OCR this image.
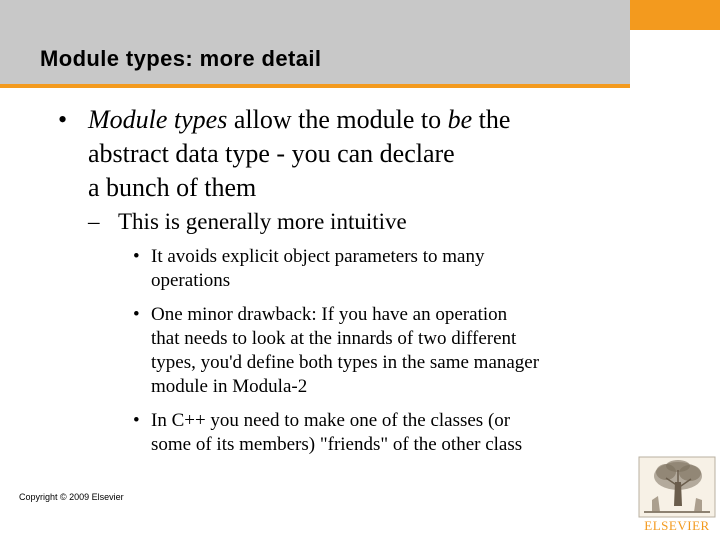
Module types: more detail
• Module types allow the module to be the
abstract data type - you can declare
a bunch of them
– This is generally more intuitive
• It avoids explicit object parameters to many
operations
• One minor drawback: If you have an operation
that needs to look at the innards of two different
types, you'd define both types in the same manager
module in Modula-2
• In C++ you need to make one of the classes (or
some of its members) "friends" of the other class
Copyright © 2009 Elsevier
ELSEVIER
